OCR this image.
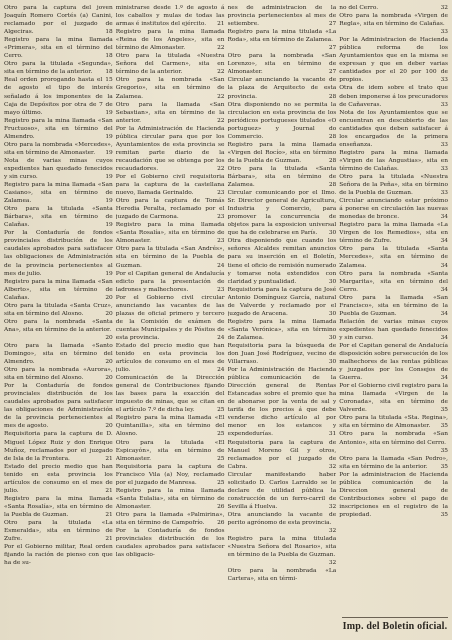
Otro para la captura del joven Joaquín Romero Cortés (a) Canini, reclamado por el juzgado de Algeciras.	18

Registro para la mina llamada «Primera», sita en el término del Cerro.	18

Otro para la titulada «Segunda», sita en término de la anterior.	18

Real orden prorogando hasta el 15 de agosto el tipo de interés señalado á los imponentes de la Caja de Depósitos por otra de 7 de mayo último.	19

Registro para la mina llamada «San Fructuoso», sita en término del Almendro.	19

Otro para la nombrada «Mercedes», sita en término de Almonaster.	19

Nota de varias minas cuyos expedientes han quedado fenecidos y sin curso.	19

Registro para la mina llamada «San Casiano», sita en término de Zalamea.	19

Otro para la titulada «Santa Bárbara», sita en término de Calañas.	19

Por la Contaduría de fondos provinciales distribución de los caudales aprobados para satisfacer las obligaciones de Administración de la provincia pertenecientes al mes de julio.	19

Registro para la mina llamada «San Alberto», sita en término de Calañas.	20

Otro para la titulada «Santa Cruz», sita en término del Alosno.	20

Otro para la nombrada «Santa Ana», sita en término de la anterior.
20

Otro para la llamada «Santo Domingo», sita en término del Almendro.	20

Otro para la nombrada «Aurora», sita en término del Alosno.	20

Por la Contaduría de fondos provinciales distribución de los caudales aprobados para satisfacer las obligaciones de Administración de la provincia pertenecientes al mes de agosto.	20

Requisitoria para la captura de D. Miguel López Ruiz y don Enrique Muñoz, reclamados por el juzgado de Isla de la Frontera.	21

Estado del precio medio que han tenido en esta provincia los artículos de consumo en el mes de julio.	21

Registro para la mina llamada «Santa Rosalía», sita en término de la Puebla de Guzman.	21

Otro para la titulada «La Esmeralda», sita en término de Zufre.	21

Por el Gobierno militar, Real orden fijando la ración de pienso con que ha de su-

ministrarse desde 1.º de agosto á los caballos y mulas de todas las armas é institutos del ejército.	21

Registro para la mina llamada «Reina de los Angeles», sita en término de Almonaster.	22

Otro para la titulada «Nuestra Señora del Carmen», sita en término de la anterior.	22

Otro para la nombrada «San Gregorio», sita en término de Zalamea.	22

Otro para la llamada «San Sebastian», sita en término de la anterior.	22

Por la Administración de Hacienda pública circular para que por los Ayuntamientos de esta provincia se remitan parte diario de la recaudación que se obtenga por los recaudadores.	22

Por el Gobierno civil requisitoria para la captura de la castellana nuevo, llamada Gerinaldo.	23

Otro para la captura de Tomás Heredia Peralta, reclamado por el juzgado de Carmona.	23

Registro para la mina llamada «Santa Rosalía», sita en término de Almonaster.	23

Otro para la titulada «San Andrés», sita en término de la Puebla de Guzman.	24

Por el Capitan general de Andalucía edicto para la presentación de ladrones y malhechores.	23

Por el Gobierno civil circular anunciando las vacantes de las plazas de oficial primero y tercero de la Comisión de exámen de cuentas Municipales y de Pósitos de esta provincia.	24

Estado del precio medio que han tenido en esta provincia los artículos de consumo en el mes de julio.	24

Comunicación de la Dirección general de Contribuciones fijando las bases para la exacción del impuesto de minas, que se citan en el artículo 7.º de dicha ley.	25

Registro para la mina llamada «El Quintanilla», sita en término del Alosno.	25

Otro para la titulada «El Espicayón», sita en término de Almonaster.	25

Requisitoria para la captura de Francisco Vila (a) Noy, reclamado por el juzgado de Manresa.	25

Registro para la mina llamada «Santa Eulalia», sita en término de Almonaster.	26

Otro para la llamada «Palmirina», sita en término de Campofrío.	26

Por la Contaduría de fondos provinciales distribución de los caudales aprobados para satisfacer las obligacio-

nes de administracion de la provincia pertenecientes al mes de setiembre.	27

Registro para la mina titulada «La Roda», sita en término de Zalamea.
27

Otro para la nombrada «San Lorenzo», sita en término de Almonaster.	27

Circular anunciando la vacante de la plaza de Arquitecto de esta provincia.	28

Otra disponiendo no se permita la circulacion en esta provincia de los periódicos portugueses titulados «O portuguez» y Journal do Commercio.	28

Registro para la mina llamada «Virgen del Rocío», sita en término de la Puebla de Guzman.	28

Otro para la titulada «Santa Bárbara», sita en término de Zalamea.	28

Circular comunicando por el Ilmo. Sr. Director general de Agricultura, Industria y Comercio, para promover la concurrencia de objetos para la exposicion universal que ha de celebrarse en París.	30

Otra disponiendo que cuando los señores Alcaldes remitan anuncios para su inserción en el Boletín, tiene el oficio de remisión numerado y tomarse nota extendidos con claridad y puntualidad.	30

Requisitoria para la captura de José Antonio Domínguez García, natural de Valverde y reclamado por el juzgado de Aracena.	30

Registro para la mina llamada «Santa Verónica», sita en término de Zalamea.	30

Requisitoria para la búsqueda de don Juan José Rodríguez, vecino de Villarraso.	30

Por la Administración de Hacienda pública comunicación de la Dirección general de Rentas Estancadas sobre el premio que ha de abonarse por la venta de sal y tarifa de los precios á que debe venderse dicho artículo al por menor en los estancos y expendedurías.	31

Requisitoria para la captura de Manuel Moreno Gil y otros, reclamados por el juzgado de Cabra.	32

Circular manifestando haber solicitado D. Carlos Larraldo se le declare de utilidad pública la construcción de un ferro-carril de Sevilla á Huelva.	32

Otra anunciando la vacante de perito agrónomo de esta provincia.
32

Registro para la mina titulada «Nuestra Señora del Rosario», sita en término de la Puebla de Guzman.
32

Otro para la nombrada «La Cartera», sita en térmi-

no del Cerro.	32

Otro para la nombrada «Virgen de Regla», sita en término de Calañas.
33

Por la Administracion de Hacienda pública reforma de los Ayuntamientos que en la misma se expresan y que en deber varias cantidades por el 20 por 100 de propios.	33

Otra de idem sobre el trato que deben imponerse á los precuradores de Cañaveras.	33

Nota de los Ayuntamientos que se encuentran en descubierto de las cantidades que deben satisfacer á los encargados de la primera enseñanza.	33

Registro para la mina llamada «Virgen de las Angustias», sita en término de Calañas.	33

Otro para la titulada «Nuestra Señora de la Peña», sita en término de la Puebla de Guzman.	33

Circular anunciando estar próximo á ponerse en circulación las nuevas monedas de bronce.	34

Registro para la mina llamada «La Virgen de los Remedios», sita en término de Zufre.	34

Otro para la titulada «Santa Mercedes», sita en término de Zalamea.	34

Otro para la nombrada «Santa Margarita», sita en término del Cerro.	34

Otro para la llamada «San Francisco», sita en término de la Puebla de Guzman.	34

Relación de varias minas cuyos expedientes han quedado fenecidos y sin curso.	34

Por el Capitan general de Andalucía disposición sobre persecución de los malhechores de las rentas públicas y juzgados por los Consejos de Guerra.	34

Por el Gobierno civil registro para la mina llamada «Virgen de la Coronada», sita en término de Valverde.	35

Otro para la titulada «Sta. Regina», sita en término de Almonaster.	35

Otro para la nombrada «San Antonio», sita en término del Cerro.
35

Otro para la llamada «San Pedro», sita en término de la anterior.	35

Por la administracion de Hacienda pública comunicación de la Direccion general de Contribuciones sobre el pago de inscripciones en el registro de la propiedad.	35

Imp. del Boletin oficial.
